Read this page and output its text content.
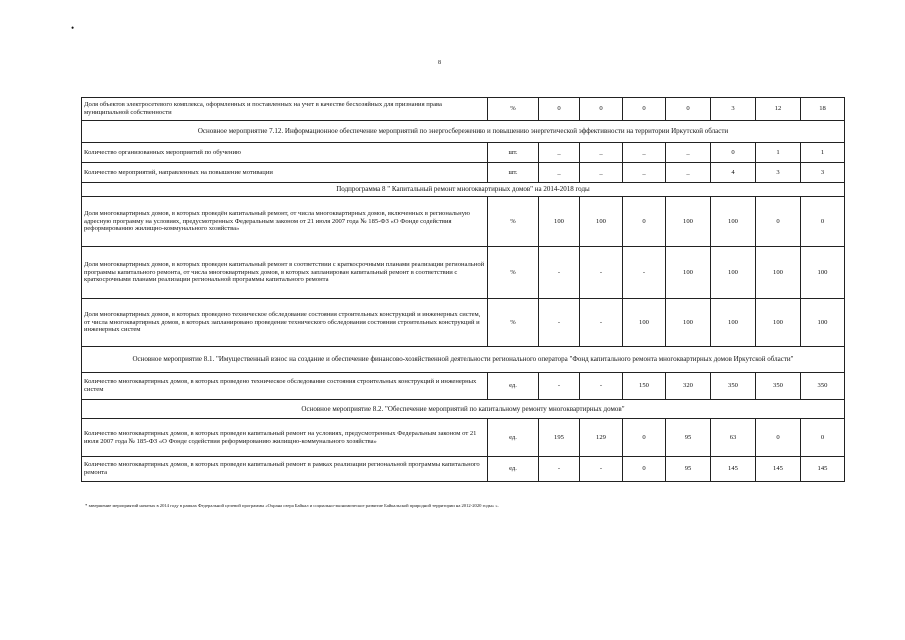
•
8
Доля объектов электросетевого комплекса, оформленных и поставленных на учет в качестве бесхозяйных для признания права муниципальной собственности	%	0	0	0	0	3	12	18
Основное мероприятие 7.12. Информационное обеспечение мероприятий по энергосбережению и повышению энергетической эффективности на территории Иркутской области								
Количество организованных мероприятий по обучению	шт.	_	_	_	_	0	1	1
Количество мероприятий, направленных на повышение мотивации	шт.	_	_	_	_	4	3	3
Подпрограмма 8 " Капитальный ремонт многоквартирных домов" на 2014-2018 годы								
Доля многоквартирных домов, в которых проведён капитальный ремонт, от числа многоквартирных домов, включенных в региональную адресную программу на условиях, предусмотренных Федеральным законом от 21 июля 2007 года № 185-ФЗ «О Фонде содействия реформированию жилищно-коммунального хозяйства»	%	100	100	0	100	100	0	0
Доля многоквартирных домов, в которых проведен капитальный ремонт в соответствии с краткосрочными планами реализации региональной программы капитального ремонта, от числа многоквартирных домов, в которых запланирован капитальный ремонт в соответствии с краткосрочными планами реализации региональной программы капитального ремонта	%	-	-	-	100	100	100	100
Доля многоквартирных домов, в которых проведено техническое обследование состояния строительных конструкций и инженерных систем, от числа многоквартирных домов, в которых запланировано проведение технического обследования состояния строительных конструкций и инженерных систем	%	-	-	100	100	100	100	100
Основное мероприятие 8.1. "Имущественный взнос на создание и обеспечение финансово-хозяйственной деятельности регионального оператора "Фонд капитального ремонта многоквартирных домов Иркутской области"								
Количество многоквартирных домов, в которых проведено техническое обследование состояния строительных конструкций и инженерных систем	ед.	-	-	150	320	350	350	350
Основное мероприятие 8.2. "Обеспечение мероприятий по капитальному ремонту многоквартирных домов"								
Количество многоквартирных домов, в которых проведен капитальный ремонт на условиях, предусмотренных Федеральным законом от 21 июля 2007 года № 185-ФЗ «О Фонде содействия реформированию жилищно-коммунального хозяйства»	ед.	195	129	0	95	63	0	0
Количество многоквартирных домов, в которых проведен капитальный ремонт в рамках реализации региональной программы капитального ремонта	ед.	-	-	0	95	145	145	145
* завершение мероприятий начатых в 2014 году в рамках Федеральной целевой программы «Охрана озера Байкал и социально-экономическое развитие Байкальской природной территории на 2012-2020 годы» ».
